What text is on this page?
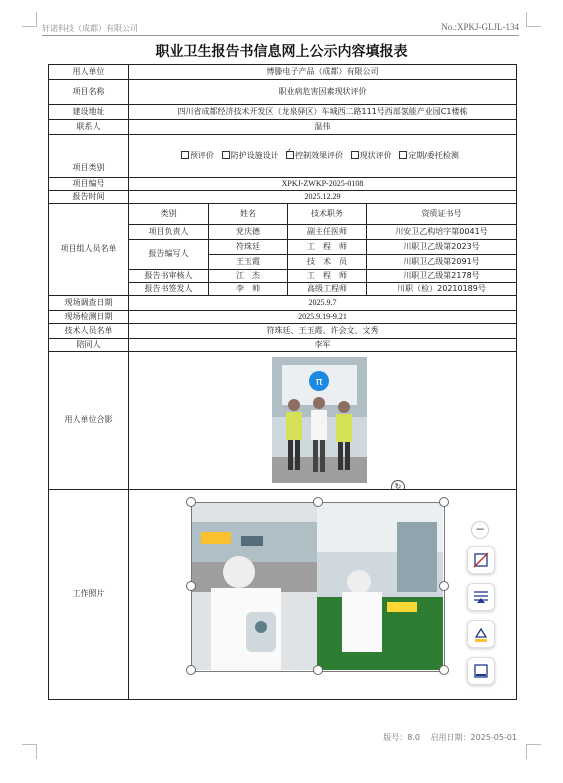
轩诺科技（成都）有限公司	No.:XPKJ-GLJL-134
职业卫生报告书信息网上公示内容填报表
用人单位	博滕电子产品（成都）有限公司			
项目名称	职业病危害因素现状评价			
建设地址	四川省成都经济技术开发区（龙泉驿区）车城西二路111号西部氢能产业园C1楼栋			
联系人	温伟			
项目类别	预评价 防护设施设计 ✓ 控制效果评价 现状评价 定期/委托检测
项目编号	XPKJ-ZWKP-2025-0108			
报告时间	2025.12.29			
项目组人员名单	类别	姓名	技术职务	资质证书号
	项目负责人	党庆德	副主任医师	川安卫乙构培字第0041号
	报告编写人	符珠廷	工　程　师	川职卫乙级第2023号
		王玉霞	技　术　员	川职卫乙级第2091号
	报告书审核人	江　杰	工　程　师	川职卫乙级第2178号
	报告书签发人	李　帅	高级工程师	川职（检）20210189号
现场调查日期	2025.9.7			
现场检测日期	2025.9.19-9.21			
技术人员名单	符珠廷、王玉霞、许会文、文秀			
陪同人	李军			
用人单位合影	π
↻			

工作照片	
−
版号：8.0 启用日期：2025-05-01
